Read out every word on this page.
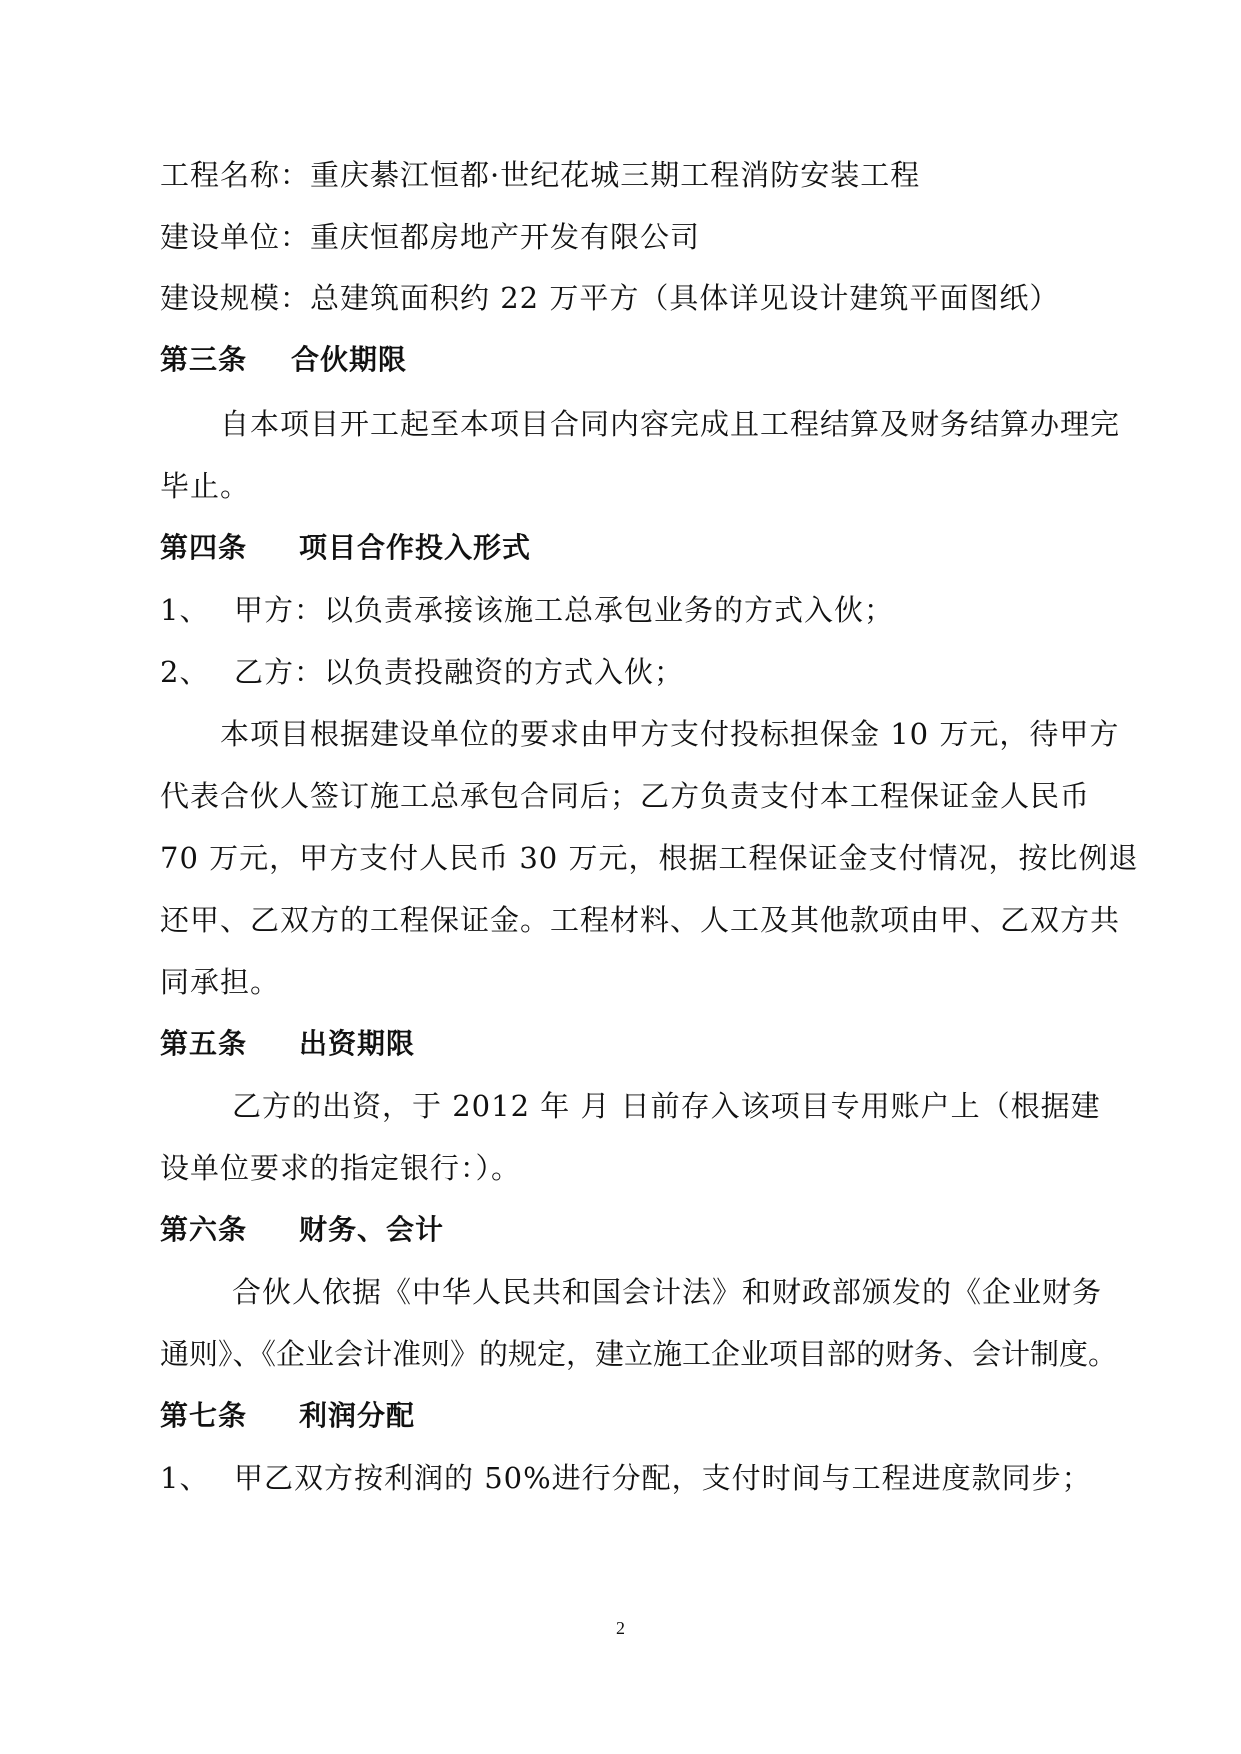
工程名称：重庆綦江恒都·世纪花城三期工程消防安装工程
建设单位：重庆恒都房地产开发有限公司
建设规模：总建筑面积约 22 万平方（具体详见设计建筑平面图纸）
第三条 合伙期限
自本项目开工起至本项目合同内容完成且工程结算及财务结算办理完
毕止。
第四条 项目合作投入形式
1、 甲方：以负责承接该施工总承包业务的方式入伙；
2、 乙方：以负责投融资的方式入伙；
本项目根据建设单位的要求由甲方支付投标担保金 10 万元，待甲方
代表合伙人签订施工总承包合同后；乙方负责支付本工程保证金人民币
70 万元，甲方支付人民币 30 万元，根据工程保证金支付情况，按比例退
还甲、乙双方的工程保证金。工程材料、人工及其他款项由甲、乙双方共
同承担。
第五条 出资期限
乙方的出资，于 2012 年 月 日前存入该项目专用账户上（根据建
设单位要求的指定银行：）。
第六条 财务、会计
合伙人依据《中华人民共和国会计法》和财政部颁发的《企业财务
通则》、《企业会计准则》的规定，建立施工企业项目部的财务、会计制度。
第七条 利润分配
1、 甲乙双方按利润的 50%进行分配，支付时间与工程进度款同步；
2
